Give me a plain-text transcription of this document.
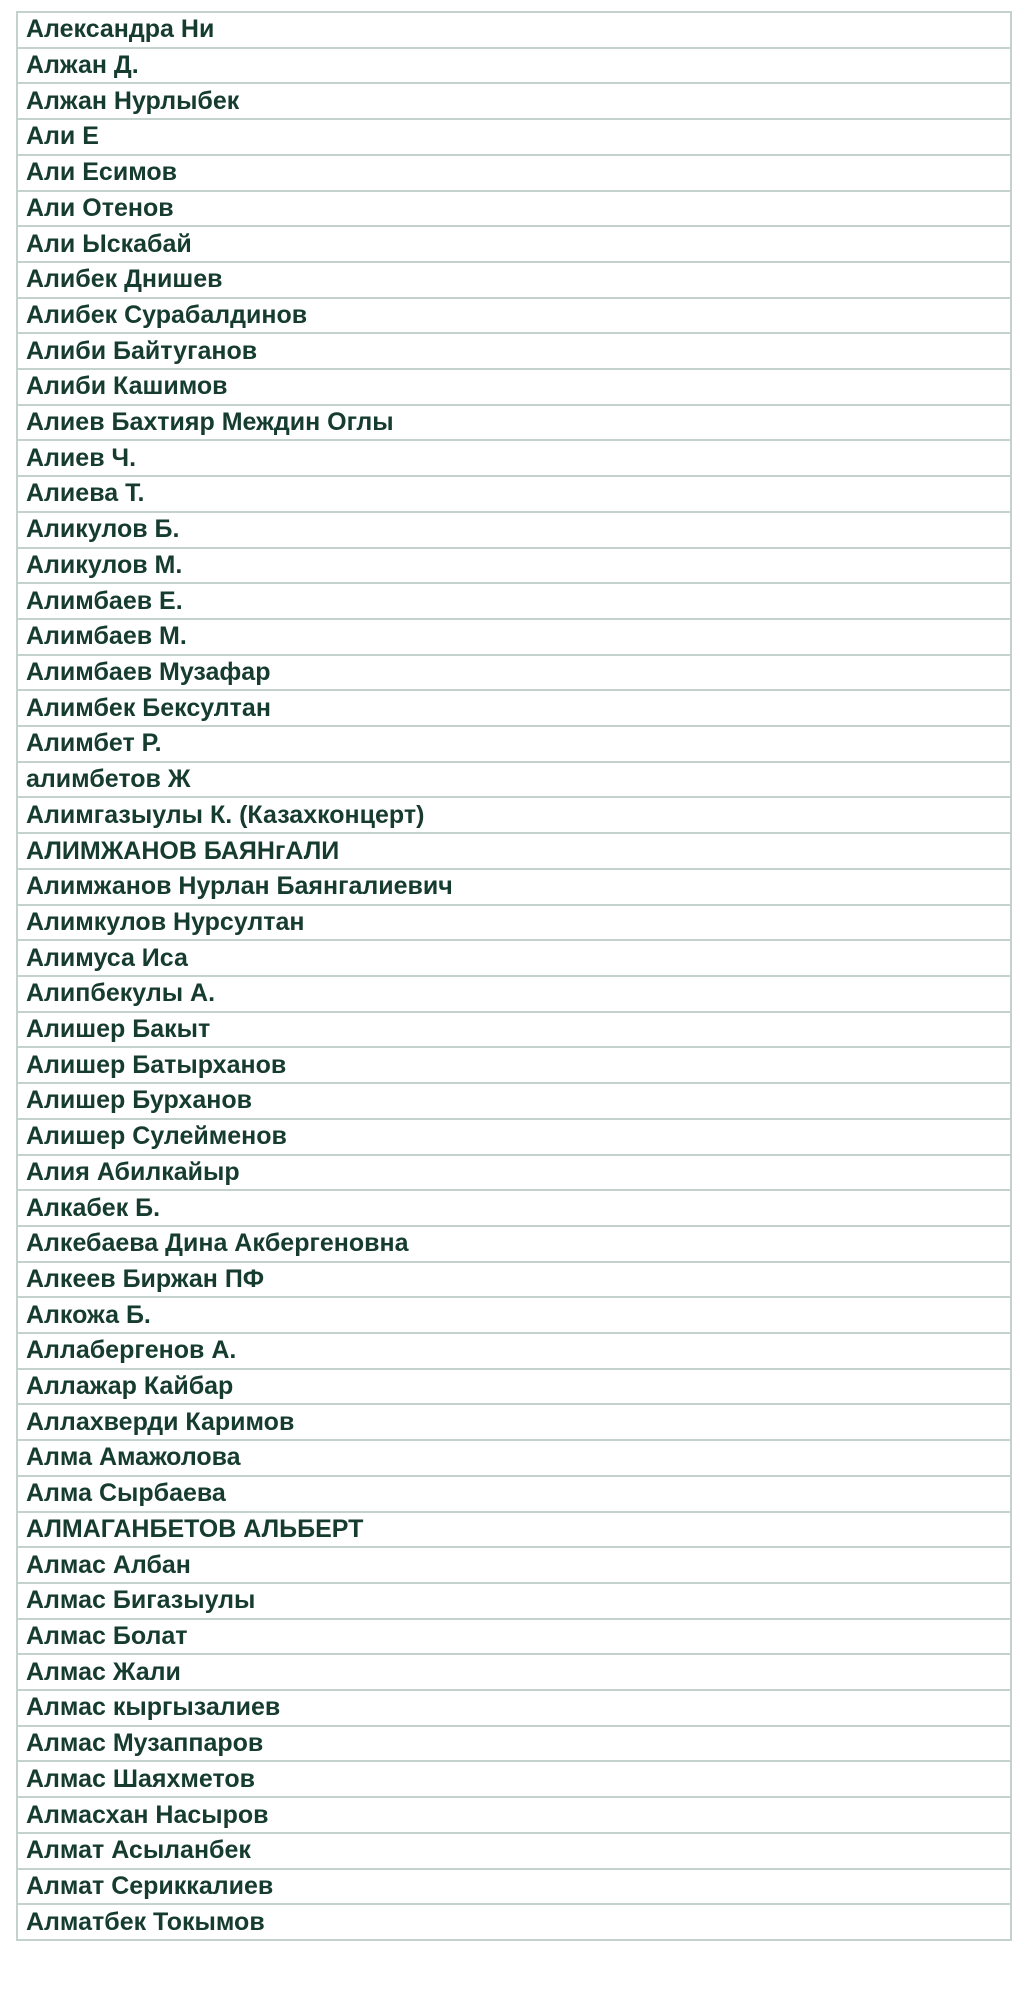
Александра Ни
Алжан Д.
Алжан Нурлыбек
Али Е
Али Есимов
Али Отенов
Али Ыскабай
Алибек Днишев
Алибек Сурабалдинов
Алиби Байтуганов
Алиби Кашимов
Алиев Бахтияр Междин Оглы
Алиев Ч.
Алиева Т.
Аликулов Б.
Аликулов М.
Алимбаев Е.
Алимбаев М.
Алимбаев Музафар
Алимбек Бексултан
Алимбет Р.
алимбетов Ж
Алимгазыулы К. (Казахконцерт)
АЛИМЖАНОВ БАЯНгАЛИ
Алимжанов Нурлан Баянгалиевич
Алимкулов Нурсултан
Алимуса Иса
Алипбекулы А.
Алишер Бакыт
Алишер Батырханов
Алишер Бурханов
Алишер Сулейменов
Алия Абилкайыр
Алкабек Б.
Алкебаева Дина Акбергеновна
Алкеев Биржан ПФ
Алкожа Б.
Аллабергенов А.
Аллажар Кайбар
Аллахверди Каримов
Алма Амажолова
Алма Сырбаева
АЛМАГАНБЕТОВ АЛЬБЕРТ
Алмас Албан
Алмас Бигазыулы
Алмас Болат
Алмас Жали
Алмас кыргызалиев
Алмас Музаппаров
Алмас Шаяхметов
Алмасхан Насыров
Алмат Асыланбек
Алмат Сериккалиев
Алматбек Токымов
